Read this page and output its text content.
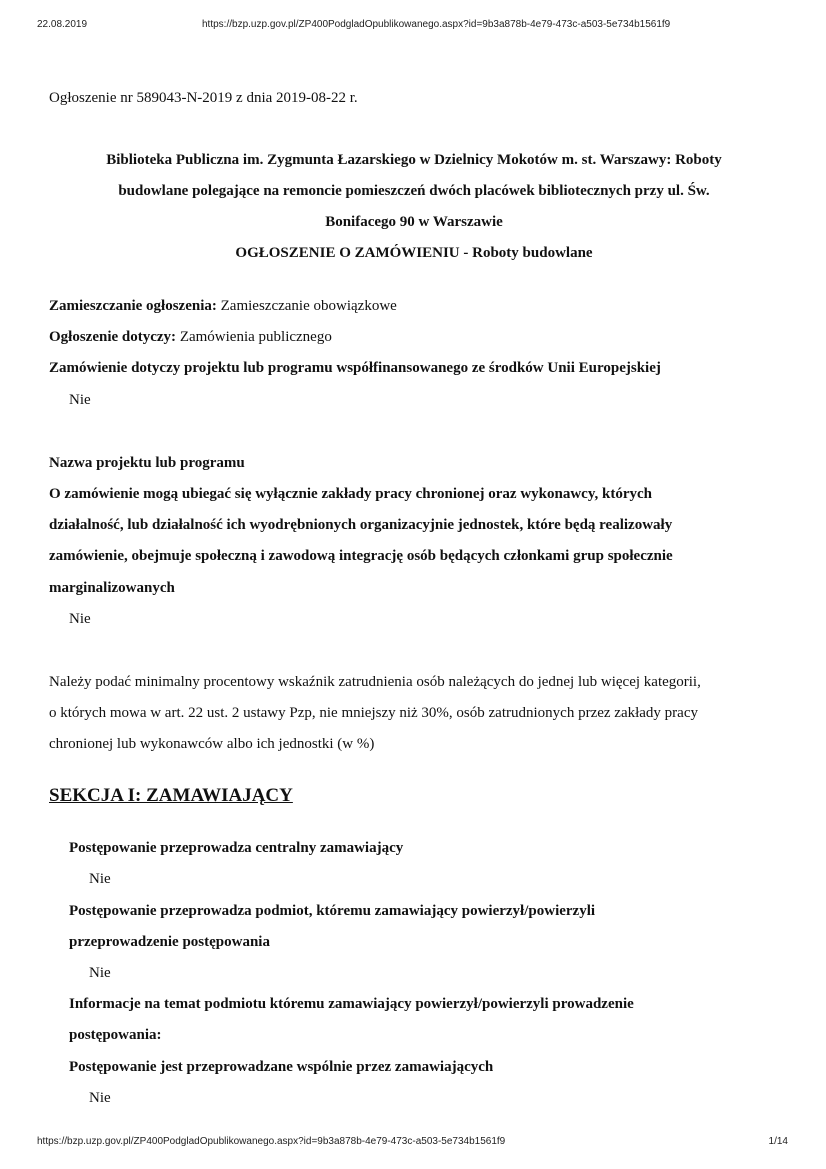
22.08.2019	https://bzp.uzp.gov.pl/ZP400PodgladOpublikowanego.aspx?id=9b3a878b-4e79-473c-a503-5e734b1561f9
Ogłoszenie nr 589043-N-2019 z dnia 2019-08-22 r.
Biblioteka Publiczna im. Zygmunta Łazarskiego w Dzielnicy Mokotów m. st. Warszawy: Roboty
budowlane polegające na remoncie pomieszczeń dwóch placówek bibliotecznych przy ul. Św.
Bonifacego 90 w Warszawie
OGŁOSZENIE O ZAMÓWIENIU - Roboty budowlane
Zamieszczanie ogłoszenia: Zamieszczanie obowiązkowe
Ogłoszenie dotyczy: Zamówienia publicznego
Zamówienie dotyczy projektu lub programu współfinansowanego ze środków Unii Europejskiej
Nie
Nazwa projektu lub programu
O zamówienie mogą ubiegać się wyłącznie zakłady pracy chronionej oraz wykonawcy, których
działalność, lub działalność ich wyodrębnionych organizacyjnie jednostek, które będą realizowały
zamówienie, obejmuje społeczną i zawodową integrację osób będących członkami grup społecznie
marginalizowanych
Nie
Należy podać minimalny procentowy wskaźnik zatrudnienia osób należących do jednej lub więcej kategorii,
o których mowa w art. 22 ust. 2 ustawy Pzp, nie mniejszy niż 30%, osób zatrudnionych przez zakłady pracy
chronionej lub wykonawców albo ich jednostki (w %)
SEKCJA I: ZAMAWIAJĄCY
Postępowanie przeprowadza centralny zamawiający
Nie
Postępowanie przeprowadza podmiot, któremu zamawiający powierzył/powierzyli
przeprowadzenie postępowania
Nie
Informacje na temat podmiotu któremu zamawiający powierzył/powierzyli prowadzenie
postępowania:
Postępowanie jest przeprowadzane wspólnie przez zamawiających
Nie
https://bzp.uzp.gov.pl/ZP400PodgladOpublikowanego.aspx?id=9b3a878b-4e79-473c-a503-5e734b1561f9	1/14
